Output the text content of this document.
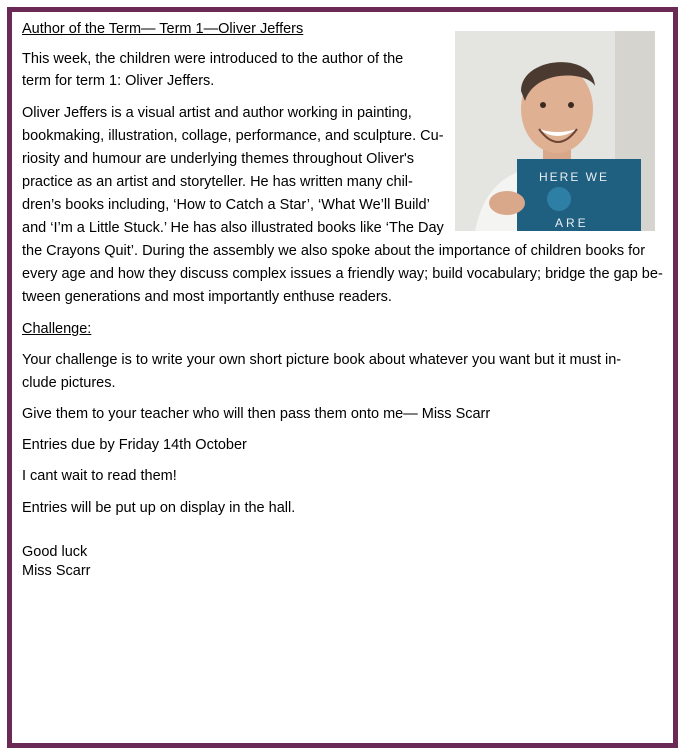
Author of the Term— Term 1—Oliver Jeffers
This week, the children were introduced to the author of the
term for term 1: Oliver Jeffers.
Oliver Jeffers is a visual artist and author working in painting,
bookmaking, illustration, collage, performance, and sculpture. Cu-
riosity and humour are underlying themes throughout Oliver's
practice as an artist and storyteller. He has written many chil-
dren’s books including, ‘How to Catch a Star’, ‘What We’ll Build’
and ‘I’m a Little Stuck.’ He has also illustrated books like ‘The Day
the Crayons Quit’. During the assembly we also spoke about the importance of children books for
every age and how they discuss complex issues a friendly way; build vocabulary; bridge the gap be-
tween generations and most importantly enthuse readers.
Challenge:
Your challenge is to write your own short picture book about whatever you want but it must in-
clude pictures.
Give them to your teacher who will then pass them onto me— Miss Scarr
Entries due by Friday 14th October
I cant wait to read them!
Entries will be put up on display in the hall.
Good luck
Miss Scarr
HERE WE
ARE
